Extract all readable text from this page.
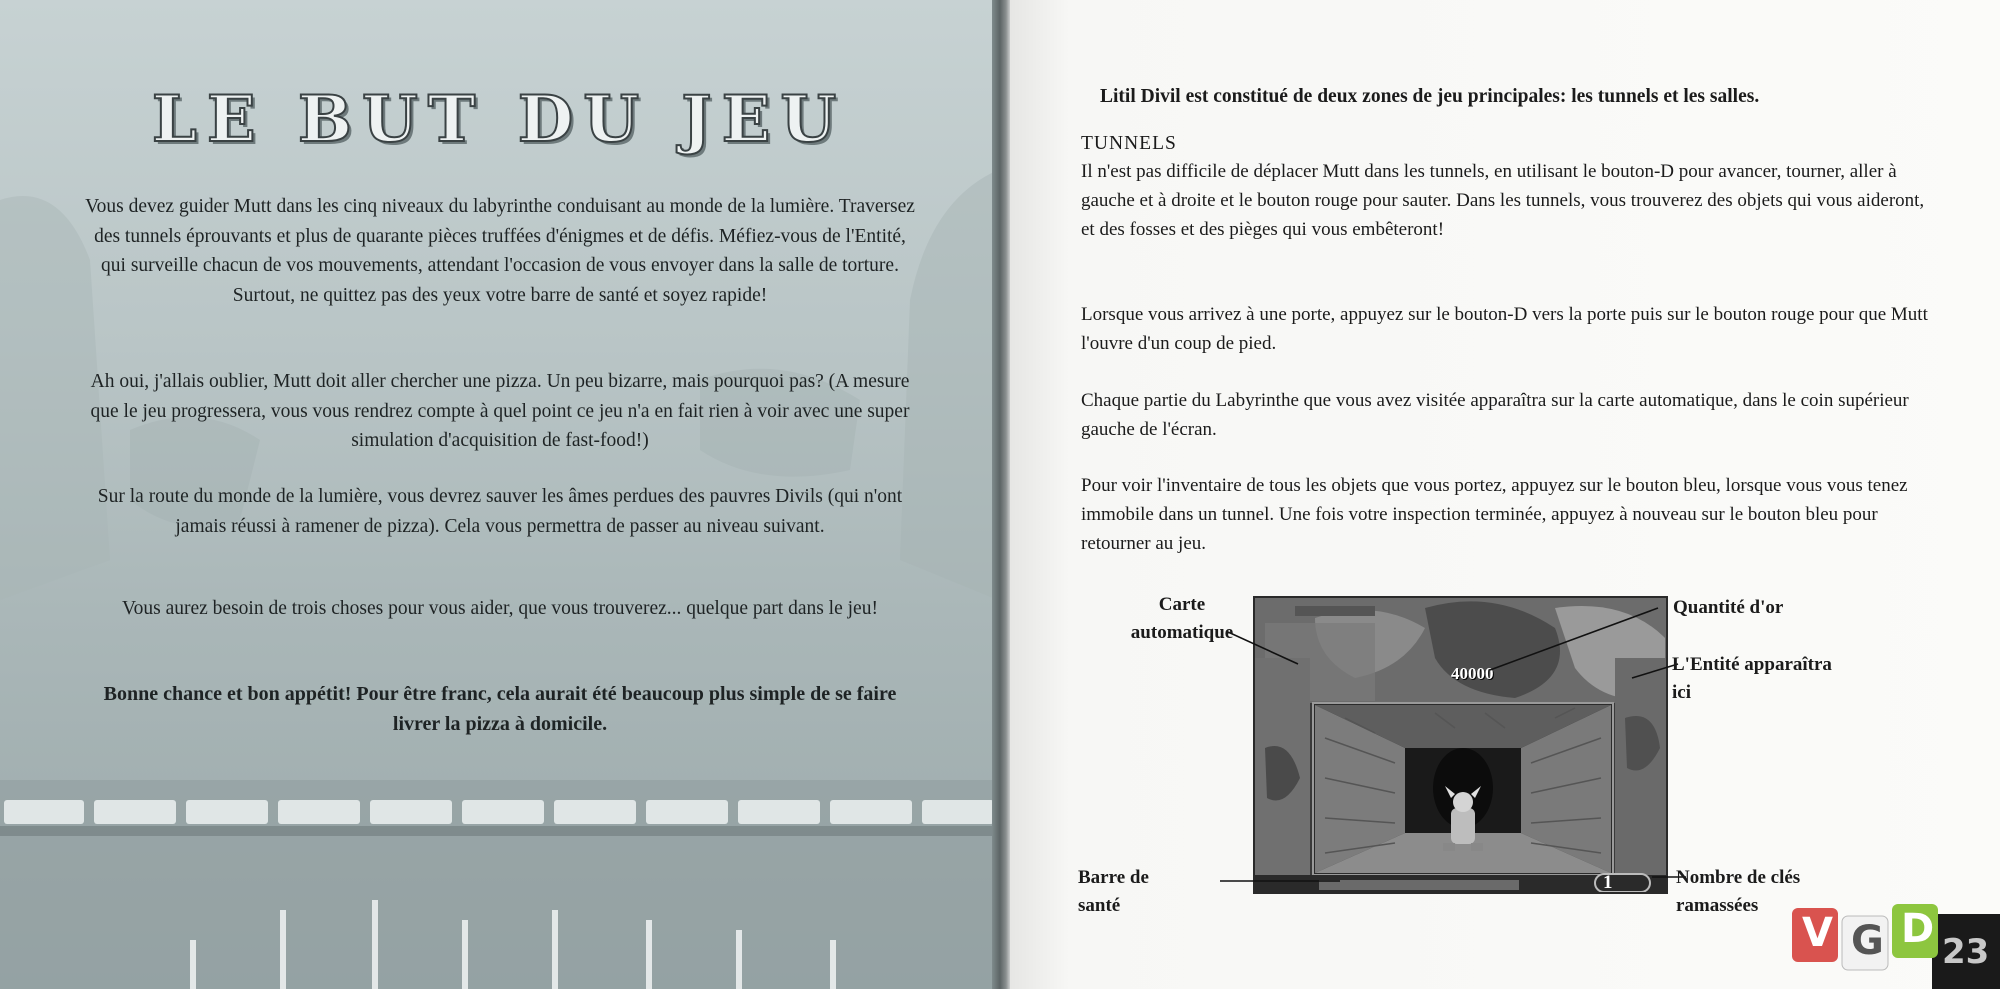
LE BUT DU JEU

Vous devez guider Mutt dans les cinq niveaux du labyrinthe conduisant au monde de la lumière. Traversez des tunnels éprouvants et plus de quarante pièces truffées d'énigmes et de défis. Méfiez-vous de l'Entité, qui surveille chacun de vos mouvements, attendant l'occasion de vous envoyer dans la salle de torture. Surtout, ne quittez pas des yeux votre barre de santé et soyez rapide!

Ah oui, j'allais oublier, Mutt doit aller chercher une pizza. Un peu bizarre, mais pourquoi pas? (A mesure que le jeu progressera, vous vous rendrez compte à quel point ce jeu n'a en fait rien à voir avec une super simulation d'acquisition de fast-food!)

Sur la route du monde de la lumière, vous devrez sauver les âmes perdues des pauvres Divils (qui n'ont jamais réussi à ramener de pizza). Cela vous permettra de passer au niveau suivant.

Vous aurez besoin de trois choses pour vous aider, que vous trouverez... quelque part dans le jeu!

Bonne chance et bon appétit! Pour être franc, cela aurait été beaucoup plus simple de se faire livrer la pizza à domicile.

Litil Divil est constitué de deux zones de jeu principales: les tunnels et les salles.

TUNNELS

Il n'est pas difficile de déplacer Mutt dans les tunnels, en utilisant le bouton-D pour avancer, tourner, aller à gauche et à droite et le bouton rouge pour sauter. Dans les tunnels, vous trouverez des objets qui vous aideront, et des fosses et des pièges qui vous embêteront!

Lorsque vous arrivez à une porte, appuyez sur le bouton-D vers la porte puis sur le bouton rouge pour que Mutt l'ouvre d'un coup de pied.

Chaque partie du Labyrinthe que vous avez visitée apparaîtra sur la carte automatique, dans le coin supérieur gauche de l'écran.

Pour voir l'inventaire de tous les objets que vous portez, appuyez sur le bouton bleu, lorsque vous vous tenez immobile dans un tunnel. Une fois votre inspection terminée, appuyez à nouveau sur le bouton bleu pour retourner au jeu.

40000
1
Carte
automatique
Quantité d'or
L'Entité apparaîtra
ici
Barre de
santé
Nombre de clés
ramassées
V G D 23
